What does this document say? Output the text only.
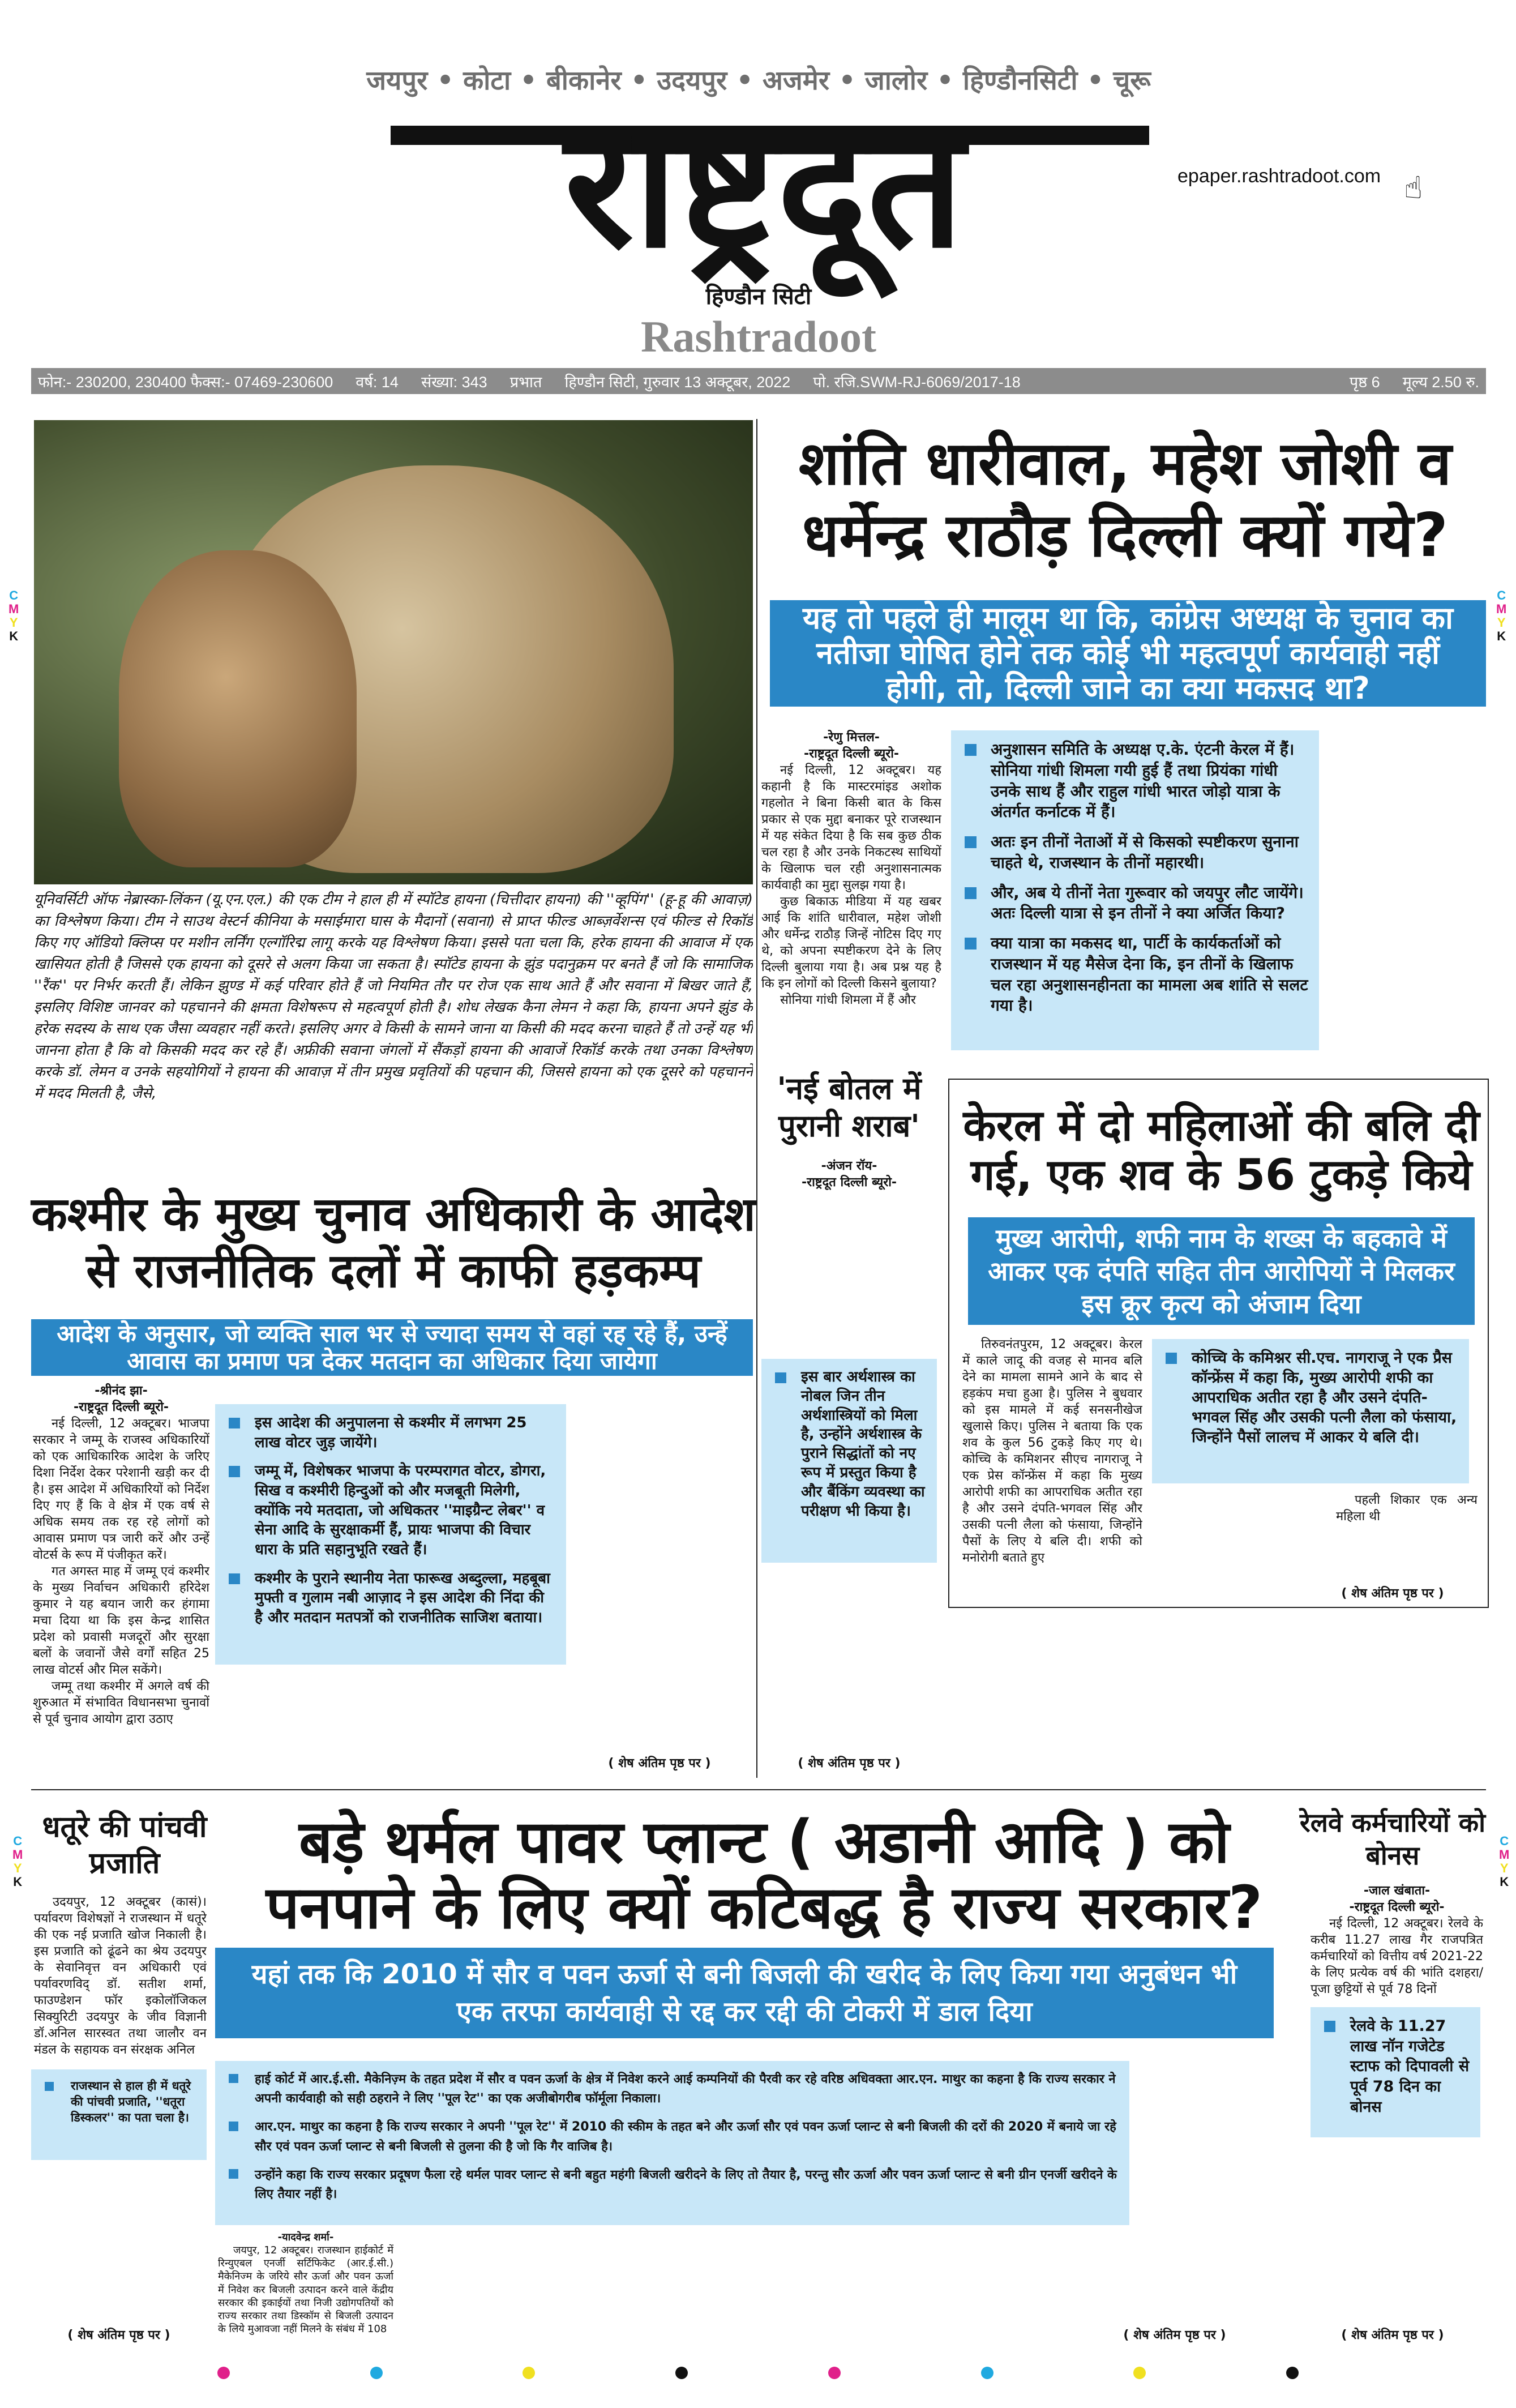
जयपुर • कोटा • बीकानेर • उदयपुर • अजमेर • जालोर • हिण्डौनसिटी • चूरू
राष्ट्रदूत	epaper.rashtradoot.com ☝
हिण्डौन सिटी
Rashtradoot
फोन:- 230200, 230400 फैक्स:- 07469-230600 वर्ष: 14 संख्या: 343 प्रभात हिण्डौन सिटी, गुरुवार 13 अक्टूबर, 2022 पो. रजि.SWM-RJ-6069/2017-18	पृष्ठ 6 मूल्य 2.50 रु.
यूनिवर्सिटी ऑफ नेब्रास्का-लिंकन (यू.एन.एल.) की एक टीम ने हाल ही में स्पॉटेड हायना (चित्तीदार हायना) की ''व्हूपिंग'' (हू-हू की आवाज़) का विश्लेषण किया। टीम ने साउथ वेस्टर्न कीनिया के मसाईमारा घास के मैदानों (सवाना) से प्राप्त फील्ड आब्ज़र्वेशन्स एवं फील्ड से रिकॉर्ड किए गए ऑडियो क्लिप्स पर मशीन लर्निंग एल्गॉरिद्म लागू करके यह विश्लेषण किया। इससे पता चला कि, हरेक हायना की आवाज में एक खासियत होती है जिससे एक हायना को दूसरे से अलग किया जा सकता है। स्पॉटेड हायना के झुंड पदानुक्रम पर बनते हैं जो कि सामाजिक ''रैंक'' पर निर्भर करती हैं। लेकिन झुण्ड में कई परिवार होते हैं जो नियमित तौर पर रोज एक साथ आते हैं और सवाना में बिखर जाते हैं, इसलिए विशिष्ट जानवर को पहचानने की क्षमता विशेषरूप से महत्वपूर्ण होती है। शोध लेखक कैना लेमन ने कहा कि, हायना अपने झुंड के हरेक सदस्य के साथ एक जैसा व्यवहार नहीं करते। इसलिए अगर वे किसी के सामने जाना या किसी की मदद करना चाहते हैं तो उन्हें यह भी जानना होता है कि वो किसकी मदद कर रहे हैं। अफ्रीकी सवाना जंगलों में सैंकड़ों हायना की आवाजें रिकॉर्ड करके तथा उनका विश्लेषण करके डॉ. लेमन व उनके सहयोगियों ने हायना की आवाज़ में तीन प्रमुख प्रवृतियों की पहचान की, जिससे हायना को एक दूसरे को पहचानने में मदद मिलती है, जैसे,
शांति धारीवाल, महेश जोशी व धर्मेन्द्र राठौड़ दिल्ली क्यों गये?
यह तो पहले ही मालूम था कि, कांग्रेस अध्यक्ष के चुनाव का नतीजा घोषित होने तक कोई भी महत्वपूर्ण कार्यवाही नहीं होगी, तो, दिल्ली जाने का क्या मकसद था?

-रेणु मित्तल-

-राष्ट्रदूत दिल्ली ब्यूरो-

नई दिल्ली, 12 अक्टूबर। यह कहानी है कि मास्टरमांइड अशोक गहलोत ने बिना किसी बात के किस प्रकार से एक मुद्दा बनाकर पूरे राजस्थान में यह संकेत दिया है कि सब कुछ ठीक चल रहा है और उनके निकटस्थ साथियों के खिलाफ चल रही अनुशासनात्मक कार्यवाही का मुद्दा सुलझ गया है।

कुछ बिकाऊ मीडिया में यह खबर आई कि शांति धारीवाल, महेश जोशी और धर्मेन्द्र राठौड़ जिन्हें नोटिस दिए गए थे, को अपना स्पष्टीकरण देने के लिए दिल्ली बुलाया गया है। अब प्रश्न यह है कि इन लोगों को दिल्ली किसने बुलाया?

सोनिया गांधी शिमला में हैं और

अनुशासन समिति के अध्यक्ष ए.के. एंटनी केरल में हैं। सोनिया गांधी शिमला गयी हुई हैं तथा प्रियंका गांधी उनके साथ हैं और राहुल गांधी भारत जोड़ो यात्रा के अंतर्गत कर्नाटक में हैं।
अतः इन तीनों नेताओं में से किसको स्पष्टीकरण सुनाना चाहते थे, राजस्थान के तीनों महारथी।
और, अब ये तीनों नेता गुरूवार को जयपुर लौट जायेंगे। अतः दिल्ली यात्रा से इन तीनों ने क्या अर्जित किया?
क्या यात्रा का मकसद था, पार्टी के कार्यकर्ताओं को राजस्थान में यह मैसेज देना कि, इन तीनों के खिलाफ चल रहा अनुशासनहीनता का मामला अब शांति से सलट गया है।
'नई बोतल में पुरानी शराब'

-अंजन रॉय-

-राष्ट्रदूत दिल्ली ब्यूरो-

इस बार अर्थशास्त्र का नोबल जिन तीन अर्थशास्त्रियों को मिला है, उन्होंने अर्थशास्त्र के पुराने सिद्धांतों को नए रूप में प्रस्तुत किया है और बैंकिंग व्यवस्था का परीक्षण भी किया है।
( शेष अंतिम पृष्ठ पर )
केरल में दो महिलाओं की बलि दी गई, एक शव के 56 टुकड़े किये
मुख्य आरोपी, शफी नाम के शख्स के बहकावे में आकर एक दंपति सहित तीन आरोपियों ने मिलकर इस क्रूर कृत्य को अंजाम दिया

तिरुवनंतपुरम, 12 अक्टूबर। केरल में काले जादू की वजह से मानव बलि देने का मामला सामने आने के बाद से हड़कंप मचा हुआ है। पुलिस ने बुधवार को इस मामले में कई सनसनीखेज खुलासे किए। पुलिस ने बताया कि एक शव के कुल 56 टुकड़े किए गए थे। कोच्चि के कमिशनर सीएच नागराजू ने एक प्रेस कॉन्फ्रेंस में कहा कि मुख्य आरोपी शफी का आपराधिक अतीत रहा है और उसने दंपति-भगवल सिंह और उसकी पत्नी लैला को फंसाया, जिन्होंने पैसों के लिए ये बलि दी। शफी को मनोरोगी बताते हुए

कोच्चि के कमिश्नर सी.एच. नागराजू ने एक प्रैस कॉन्फ्रेंस में कहा कि, मुख्य आरोपी शफी का आपराधिक अतीत रहा है और उसने दंपति-भगवल सिंह और उसकी पत्नी लैला को फंसाया, जिन्होंने पैसों लालच में आकर ये बलि दी।

पहली शिकार एक अन्य महिला थी

( शेष अंतिम पृष्ठ पर )
कश्मीर के मुख्य चुनाव अधिकारी के आदेश से राजनीतिक दलों में काफी हड़कम्प
आदेश के अनुसार, जो व्यक्ति साल भर से ज्यादा समय से वहां रह रहे हैं, उन्हें आवास का प्रमाण पत्र देकर मतदान का अधिकार दिया जायेगा

-श्रीनंद झा-

-राष्ट्रदूत दिल्ली ब्यूरो-

नई दिल्ली, 12 अक्टूबर। भाजपा सरकार ने जम्मू के राजस्व अधिकारियों को एक आधिकारिक आदेश के जरिए दिशा निर्देश देकर परेशानी खड़ी कर दी है। इस आदेश में अधिकारियों को निर्देश दिए गए हैं कि वे क्षेत्र में एक वर्ष से अधिक समय तक रह रहे लोगों को आवास प्रमाण पत्र जारी करें और उन्हें वोटर्स के रूप में पंजीकृत करें।

गत अगस्त माह में जम्मू एवं कश्मीर के मुख्य निर्वाचन अधिकारी हरिदेश कुमार ने यह बयान जारी कर हंगामा मचा दिया था कि इस केन्द्र शासित प्रदेश को प्रवासी मजदूरों और सुरक्षा बलों के जवानों जैसे वर्गों सहित 25 लाख वोटर्स और मिल सकेंगे।

जम्मू तथा कश्मीर में अगले वर्ष की शुरुआत में संभावित विधानसभा चुनावों से पूर्व चुनाव आयोग द्वारा उठाए

इस आदेश की अनुपालना से कश्मीर में लगभग 25 लाख वोटर जुड़ जायेंगे।
जम्मू में, विशेषकर भाजपा के परम्परागत वोटर, डोगरा, सिख व कश्मीरी हिन्दुओं को और मजबूती मिलेगी, क्योंकि नये मतदाता, जो अधिकतर ''माइग्रैन्ट लेबर'' व सेना आदि के सुरक्षाकर्मी हैं, प्रायः भाजपा की विचार धारा के प्रति सहानुभूति रखते हैं।
कश्मीर के पुराने स्थानीय नेता फारूख अब्दुल्ला, महबूबा मुफ्ती व गुलाम नबी आज़ाद ने इस आदेश की निंदा की है और मतदान मतपत्रों को राजनीतिक साजिश बताया।
( शेष अंतिम पृष्ठ पर )
बड़े थर्मल पावर प्लान्ट ( अडानी आदि ) को पनपाने के लिए क्यों कटिबद्ध है राज्य सरकार?
यहां तक कि 2010 में सौर व पवन ऊर्जा से बनी बिजली की खरीद के लिए किया गया अनुबंधन भी एक तरफा कार्यवाही से रद्द कर रद्दी की टोकरी में डाल दिया
हाई कोर्ट में आर.ई.सी. मैकेनिज़्म के तहत प्रदेश में सौर व पवन ऊर्जा के क्षेत्र में निवेश करने आई कम्पनियों की पैरवी कर रहे वरिष्ठ अधिवक्ता आर.एन. माथुर का कहना है कि राज्य सरकार ने अपनी कार्यवाही को सही ठहराने ने लिए ''पूल रेट'' का एक अजीबोगरीब फॉर्मूला निकाला।
आर.एन. माथुर का कहना है कि राज्य सरकार ने अपनी ''पूल रेट'' में 2010 की स्कीम के तहत बने और ऊर्जा सौर एवं पवन ऊर्जा प्लान्ट से बनी बिजली की दरों की 2020 में बनाये जा रहे सौर एवं पवन ऊर्जा प्लान्ट से बनी बिजली से तुलना की है जो कि गैर वाजिब है।
उन्होंने कहा कि राज्य सरकार प्रदूषण फैला रहे थर्मल पावर प्लान्ट से बनी बहुत महंगी बिजली खरीदने के लिए तो तैयार है, परन्तु सौर ऊर्जा और पवन ऊर्जा प्लान्ट से बनी ग्रीन एनर्जी खरीदने के लिए तैयार नहीं है।

-यादवेन्द्र शर्मा-

जयपुर, 12 अक्टूबर। राजस्थान हाईकोर्ट में रिन्युएबल एनर्जी सर्टिफिकेट (आर.ई.सी.) मैकेनिज्म के जरिये सौर ऊर्जा और पवन ऊर्जा में निवेश कर बिजली उत्पादन करने वाले केंद्रीय सरकार की इकाईयों तथा निजी उद्योगपतियों को राज्य सरकार तथा डिस्कॉम से बिजली उत्पादन के लिये मुआवजा नहीं मिलने के संबंध में 108	( शेष अंतिम पृष्ठ पर )
धतूरे की पांचवी प्रजाति

उदयपुर, 12 अक्टूबर (कासं)। पर्यावरण विशेषज्ञों ने राजस्थान में धतूरे की एक नई प्रजाति खोज निकाली है। इस प्रजाति को ढूंढने का श्रेय उदयपुर के सेवानिवृत्त वन अधिकारी एवं पर्यावरणविद् डॉ. सतीश शर्मा, फाउण्डेशन फॉर इकोलॉजिकल सिक्युरिटी उदयपुर के जीव विज्ञानी डॉ.अनिल सारस्वत तथा जालौर वन मंडल के सहायक वन संरक्षक अनिल

राजस्थान से हाल ही में धतूरे की पांचवी प्रजाति, ''धतूरा डिस्कलर'' का पता चला है।
( शेष अंतिम पृष्ठ पर )
रेलवे कर्मचारियों को बोनस

-जाल खंबाता-

-राष्ट्रदूत दिल्ली ब्यूरो-

नई दिल्ली, 12 अक्टूबर। रेलवे के करीब 11.27 लाख गैर राजपत्रित कर्मचारियों को वित्तीय वर्ष 2021-22 के लिए प्रत्येक वर्ष की भांति दशहरा/पूजा छुट्टियों से पूर्व 78 दिनों

रेलवे के 11.27 लाख नॉन गजेटेड स्टाफ को दिपावली से पूर्व 78 दिन का बोनस
( शेष अंतिम पृष्ठ पर )
C
M
Y
K
C
M
Y
K
C
M
Y
K
C
M
Y
K
